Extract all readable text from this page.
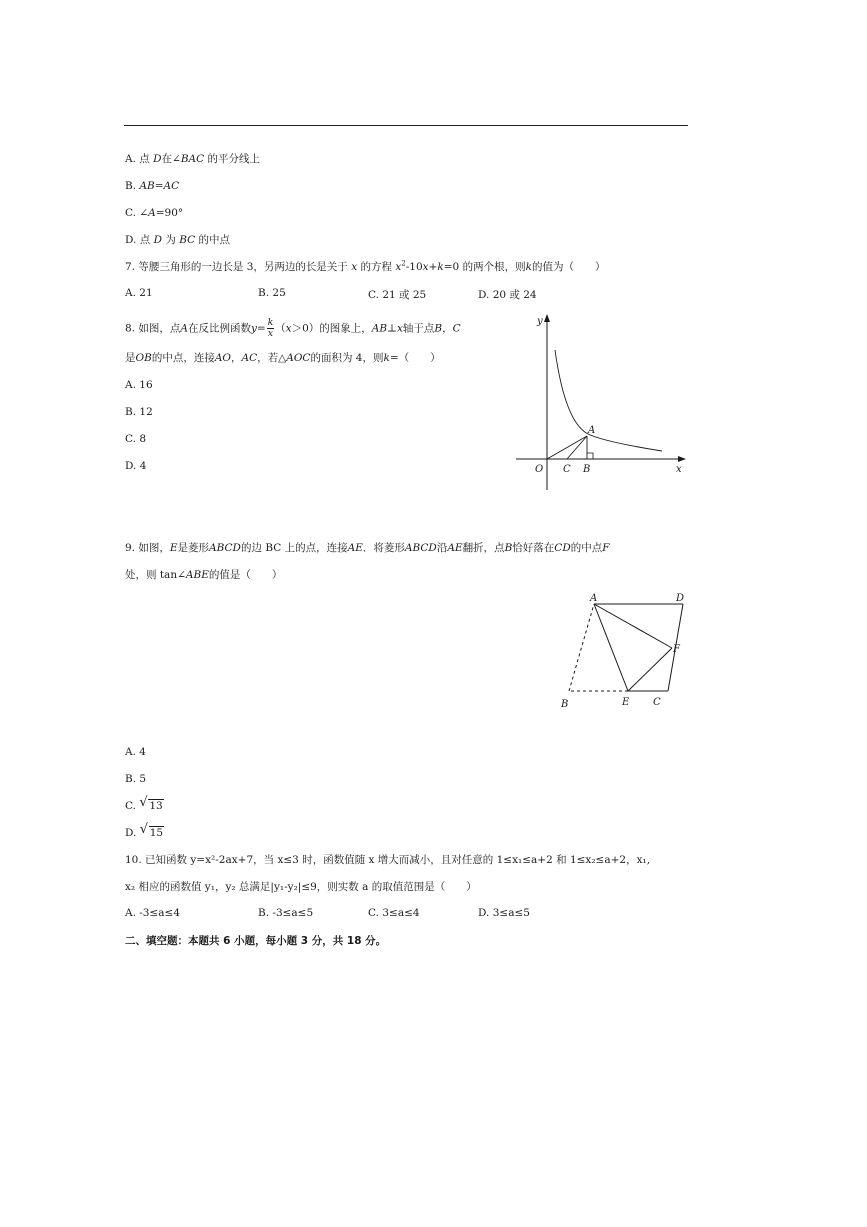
A. 点 D在∠BAC 的平分线上
B. AB=AC
C. ∠A=90°
D. 点 D 为 BC 的中点
7. 等腰三角形的一边长是 3，另两边的长是关于 x 的方程 $x^2-10x+k=0$ 的两个根，则k的值为（　　）
A. 21	B. 25	C. 21 或 25	D. 20 或 24
8. 如图，点A在反比例函数$y= \frac{k}{x} (x>0)$的图象上，AB⊥x轴于点B，C
是OB的中点，连接AO，AC，若△AOC的面积为 4，则k=（　　）
A. 16
B. 12
C. 8
D. 4
y
x
O
A
C B
9. 如图，E是菱形ABCD的边 BC 上的点，连接AE．将菱形ABCD沿AE翻折，点B恰好落在CD的中点F
处，则 tan∠ABE的值是（　　）
A	D
F
B	E C
A. 4
B. 5
C. √ 13
D. √ 15
10. 已知函数 y=x²-2ax+7，当 x≤3 时，函数值随 x 增大而减小，且对任意的 1≤x₁≤a+2 和 1≤x₂≤a+2，x₁,
x₂ 相应的函数值 y₁，y₂ 总满足|y₁-y₂|≤9，则实数 a 的取值范围是（　　）
A. -3≤a≤4	B. -3≤a≤5	C. 3≤a≤4	D. 3≤a≤5
二、填空题：本题共 6 小题，每小题 3 分，共 18 分。
